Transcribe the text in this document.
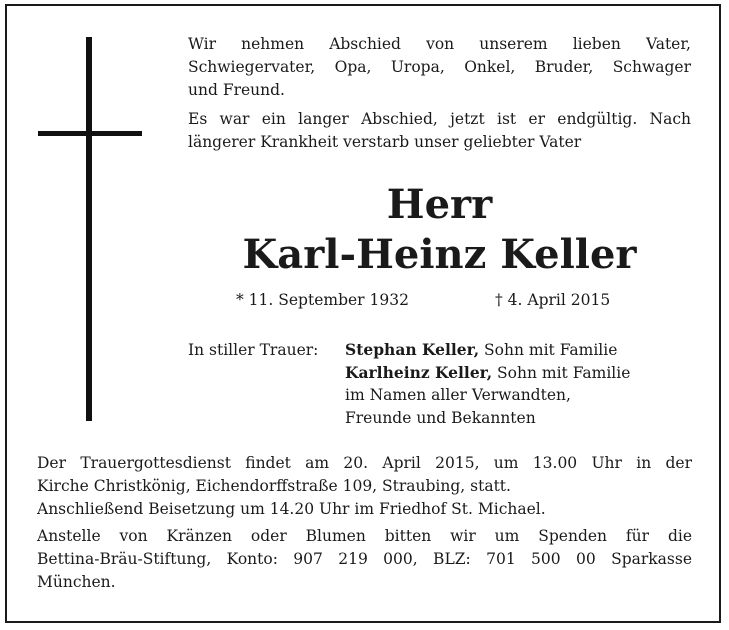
Wir nehmen Abschied von unserem lieben Vater,
Schwiegervater, Opa, Uropa, Onkel, Bruder, Schwager
und Freund.

Es war ein langer Abschied, jetzt ist er endgültig. Nach
längerer Krankheit verstarb unser geliebter Vater

Herr
Karl-Heinz Keller
* 11. September 1932	† 4. April 2015
In stiller Trauer: Stephan Keller, Sohn mit Familie
Karlheinz Keller, Sohn mit Familie
im Namen aller Verwandten,
Freunde und Bekannten

Der Trauergottesdienst findet am 20. April 2015, um 13.00 Uhr in der
Kirche Christkönig, Eichendorffstraße 109, Straubing, statt.
Anschließend Beisetzung um 14.20 Uhr im Friedhof St. Michael.

Anstelle von Kränzen oder Blumen bitten wir um Spenden für die
Bettina-Bräu-Stiftung, Konto: 907 219 000, BLZ: 701 500 00 Sparkasse
München.
